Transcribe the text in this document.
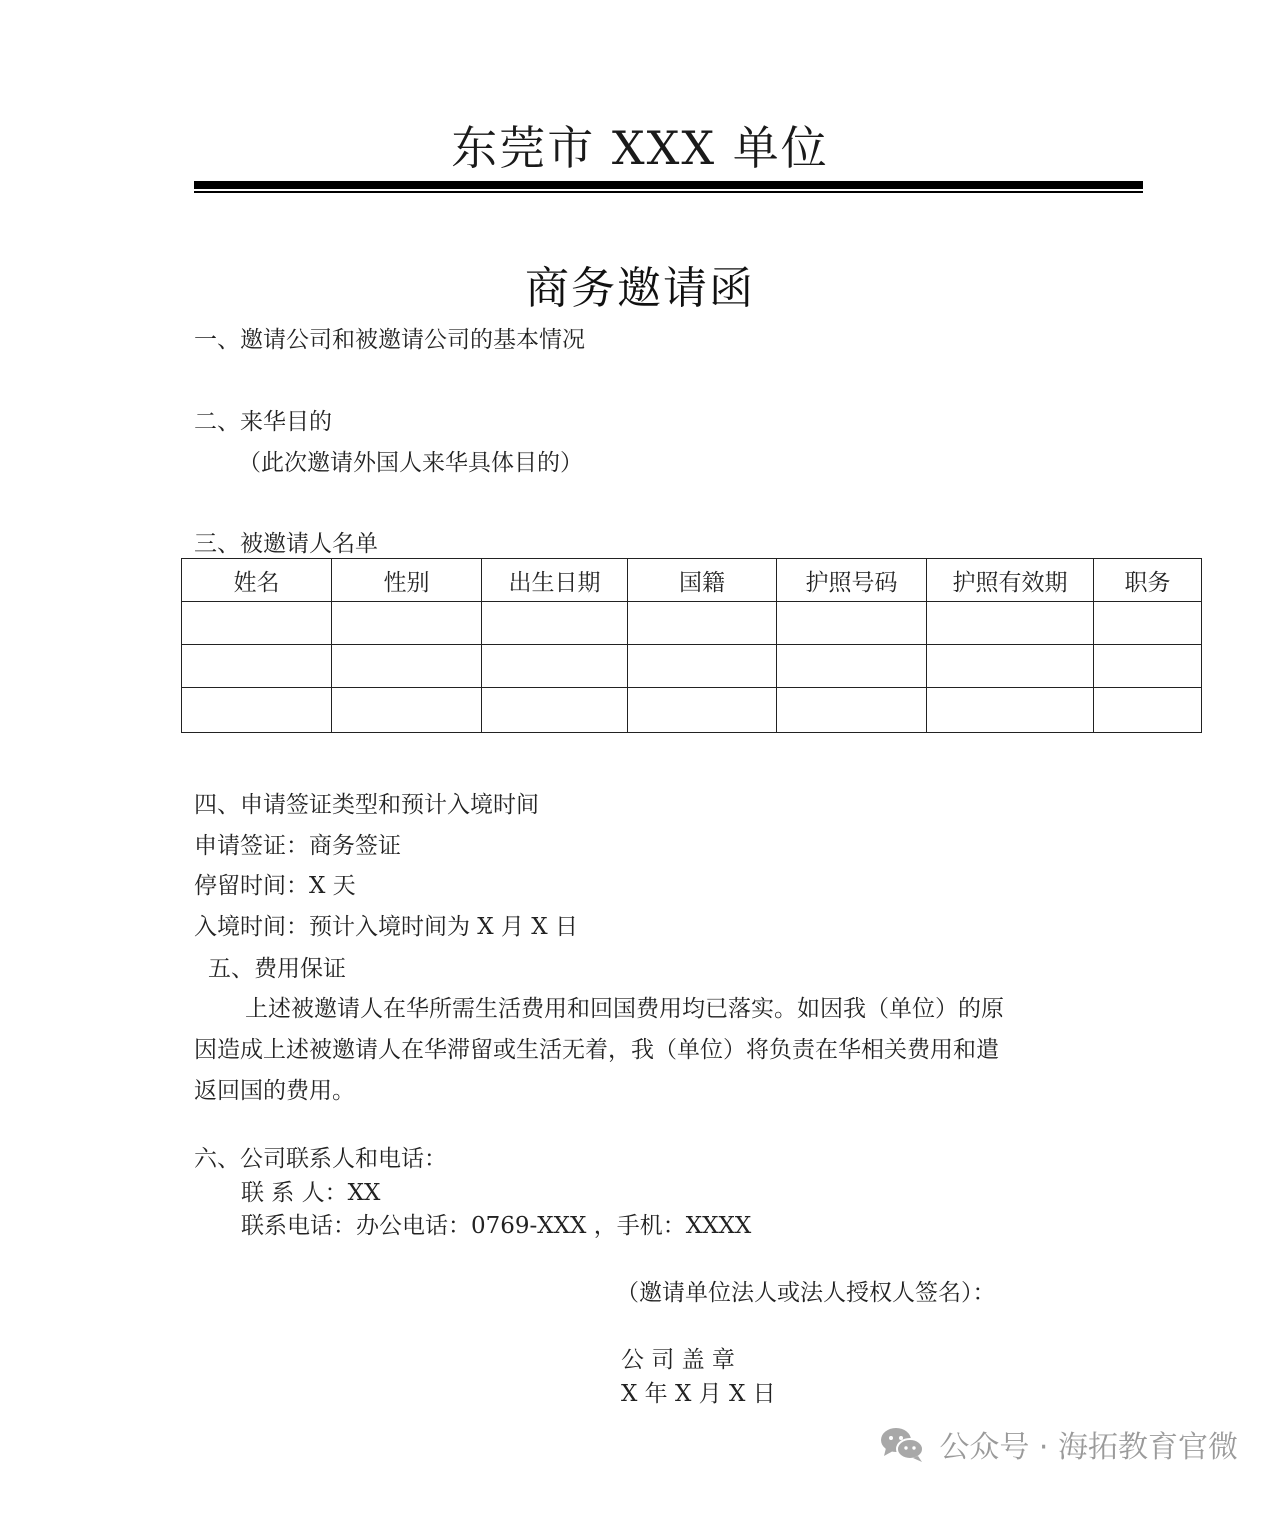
东莞市 XXX 单位
商务邀请函
一、邀请公司和被邀请公司的基本情况
二、来华目的
（此次邀请外国人来华具体目的）
三、被邀请人名单
姓名	性别	出生日期	国籍	护照号码	护照有效期	职务

四、申请签证类型和预计入境时间
申请签证：商务签证
停留时间：X 天
入境时间：预计入境时间为 X 月 X 日
五、费用保证
上述被邀请人在华所需生活费用和回国费用均已落实。如因我（单位）的原
因造成上述被邀请人在华滞留或生活无着，我（单位）将负责在华相关费用和遣
返回国的费用。
六、公司联系人和电话：
联 系 人：XX
联系电话：办公电话：0769-XXX ，手机：XXXX
（邀请单位法人或法人授权人签名）：
公 司 盖 章
X 年 X 月 X 日
公众号 · 海拓教育官微
